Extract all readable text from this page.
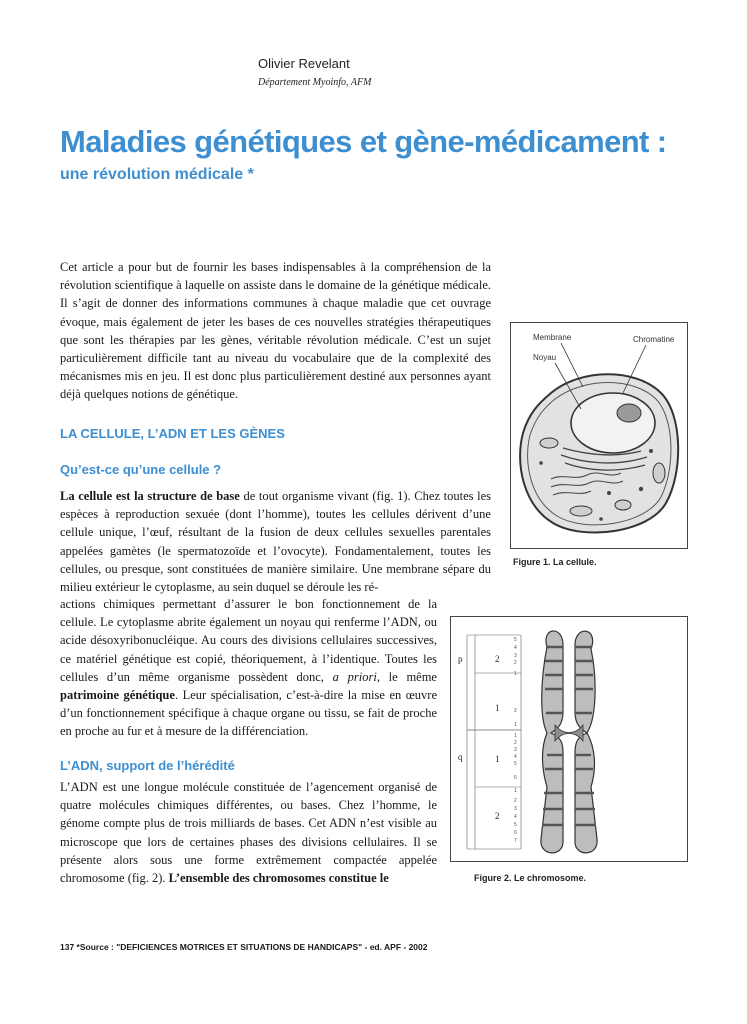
Olivier Revelant
Département Myoinfo, AFM
Maladies génétiques et gène-médicament :
une révolution médicale *
Cet article a pour but de fournir les bases indispensables à la compréhension de la révolution scientifique à laquelle on assiste dans le domaine de la génétique médicale. Il s’agit de donner des informations communes à chaque maladie que cet ouvrage évoque, mais également de jeter les bases de ces nouvelles stratégies thérapeutiques que sont les thérapies par les gènes, véritable révolution médicale. C’est un sujet particulièrement difficile tant au niveau du vocabulaire que de la complexité des mécanismes mis en jeu. Il est donc plus particulièrement destiné aux personnes ayant déjà quelques notions de génétique.
LA CELLULE, L’ADN ET LES GÈNES
Qu’est-ce qu’une cellule ?
La cellule est la structure de base de tout organisme vivant (fig. 1). Chez toutes les espèces à reproduction sexuée (dont l’homme), toutes les cellules dérivent d’une cellule unique, l’œuf, résultant de la fusion de deux cellules sexuelles parentales appelées gamètes (le spermatozoïde et l’ovocyte). Fondamentalement, toutes les cellules, ou presque, sont constituées de manière similaire. Une membrane sépare du milieu extérieur le cytoplasme, au sein duquel se déroule les ré-
actions chimiques permettant d’assurer le bon fonctionnement de la cellule. Le cytoplasme abrite également un noyau qui renferme l’ADN, ou acide désoxyribonucléique. Au cours des divisions cellulaires successives, ce matériel génétique est copié, théoriquement, à l’identique. Toutes les cellules d’un même organisme possèdent donc, a priori, le même patrimoine génétique. Leur spécialisation, c’est-à-dire la mise en œuvre d’un fonctionnement spécifique à chaque organe ou tissu, se fait de proche en proche au fur et à mesure de la différenciation.
L’ADN, support de l’hérédité
L’ADN est une longue molécule constituée de l’agencement organisé de quatre molécules chimiques différentes, ou bases. Chez l’homme, le génome compte plus de trois milliards de bases. Cet ADN n’est visible au microscope que lors de certaines phases des divisions cellulaires. Il se présente alors sous une forme extrêmement compactée appelée chromosome (fig. 2). L’ensemble des chromosomes constitue le
Membrane	Chromatine
Noyau
Figure 1. La cellule.
p
q
2
1
1
2
5
4
3
2
1
2
1
1
2
3
4
5
6
1
2
3
4
5
6
7
Figure 2. Le chromosome.
137 *Source : "DEFICIENCES MOTRICES ET SITUATIONS DE HANDICAPS" - ed. APF - 2002
